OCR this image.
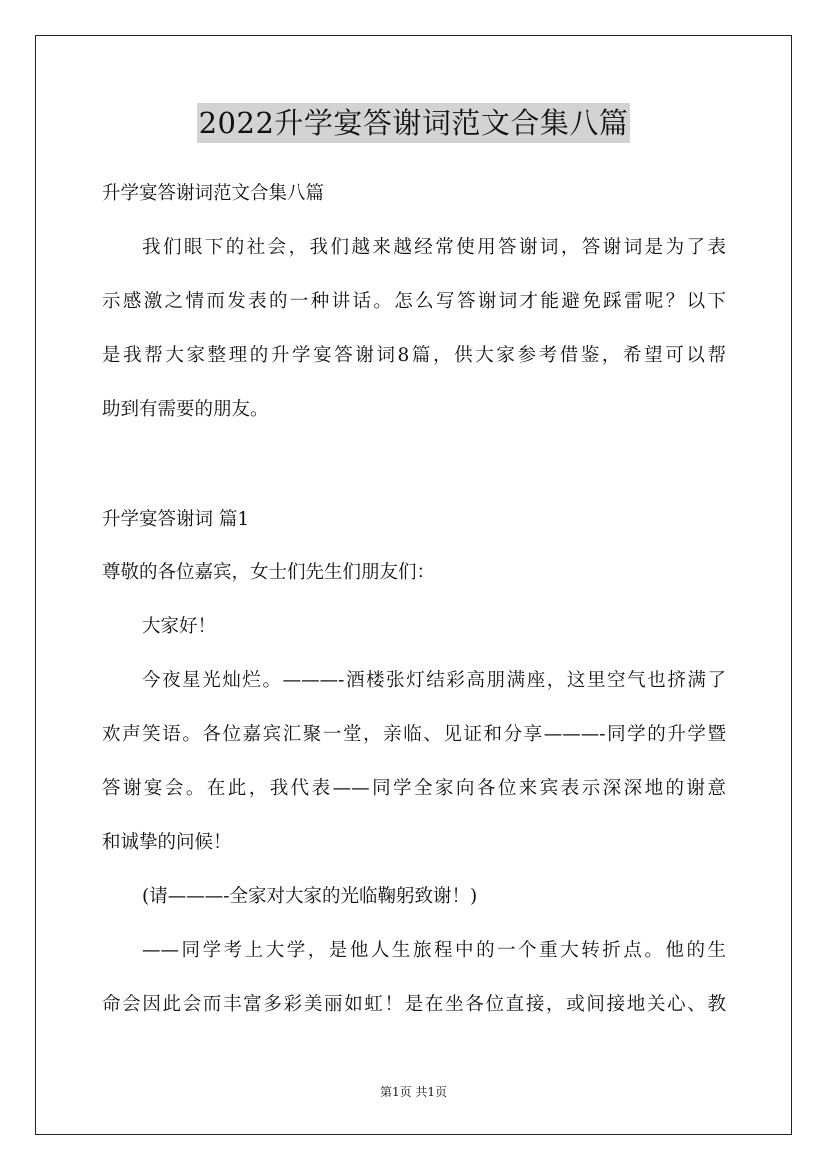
2022升学宴答谢词范文合集八篇
升学宴答谢词范文合集八篇
我们眼下的社会，我们越来越经常使用答谢词，答谢词是为了表
示感激之情而发表的一种讲话。怎么写答谢词才能避免踩雷呢？以下
是我帮大家整理的升学宴答谢词8篇，供大家参考借鉴，希望可以帮
助到有需要的朋友。
升学宴答谢词 篇1
尊敬的各位嘉宾，女士们先生们朋友们：
大家好！
今夜星光灿烂。———-酒楼张灯结彩高朋满座，这里空气也挤满了
欢声笑语。各位嘉宾汇聚一堂，亲临、见证和分享———-同学的升学暨
答谢宴会。在此，我代表——同学全家向各位来宾表示深深地的谢意
和诚挚的问候！
(请———-全家对大家的光临鞠躬致谢！)
——同学考上大学，是他人生旅程中的一个重大转折点。他的生
命会因此会而丰富多彩美丽如虹！是在坐各位直接，或间接地关心、教
第1页 共1页
